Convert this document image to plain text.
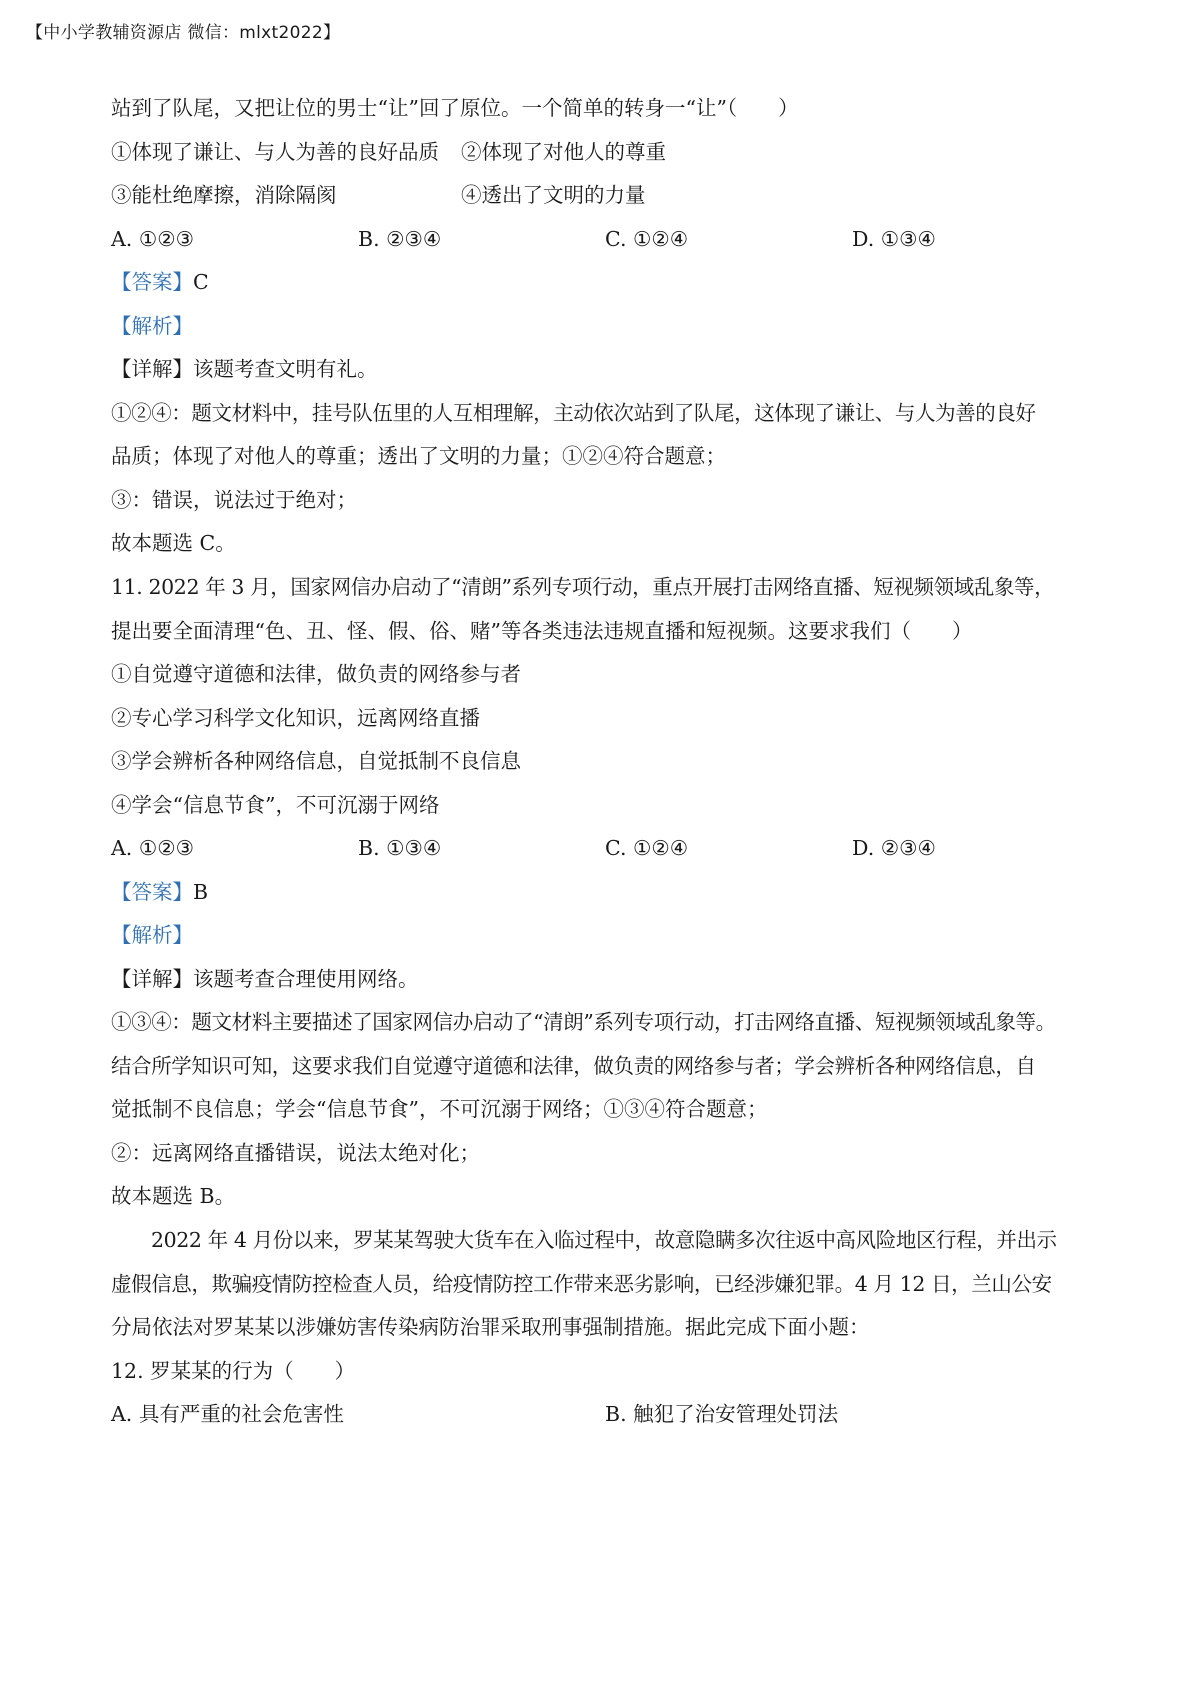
【中小学教辅资源店 微信：mlxt2022】
站到了队尾，又把让位的男士“让”回了原位。一个简单的转身一“让”（　　）
①体现了谦让、与人为善的良好品质 ②体现了对他人的尊重
③能杜绝摩擦，消除隔阂	④透出了文明的力量
A. ①②③	B. ②③④	C. ①②④	D. ①③④
【答案】C
【解析】
【详解】该题考查文明有礼。
①②④：题文材料中，挂号队伍里的人互相理解，主动依次站到了队尾，这体现了谦让、与人为善的良好
品质；体现了对他人的尊重；透出了文明的力量；①②④符合题意；
③：错误，说法过于绝对；
故本题选 C。
11. 2022 年 3 月，国家网信办启动了“清朗”系列专项行动，重点开展打击网络直播、短视频领域乱象等，
提出要全面清理“色、丑、怪、假、俗、赌”等各类违法违规直播和短视频。这要求我们（　　）
①自觉遵守道德和法律，做负责的网络参与者
②专心学习科学文化知识，远离网络直播
③学会辨析各种网络信息，自觉抵制不良信息
④学会“信息节食”，不可沉溺于网络
A. ①②③	B. ①③④	C. ①②④	D. ②③④
【答案】B
【解析】
【详解】该题考查合理使用网络。
①③④：题文材料主要描述了国家网信办启动了“清朗”系列专项行动，打击网络直播、短视频领域乱象等。
结合所学知识可知，这要求我们自觉遵守道德和法律，做负责的网络参与者；学会辨析各种网络信息，自
觉抵制不良信息；学会“信息节食”，不可沉溺于网络；①③④符合题意；
②：远离网络直播错误，说法太绝对化；
故本题选 B。
2022 年 4 月份以来，罗某某驾驶大货车在入临过程中，故意隐瞒多次往返中高风险地区行程，并出示
虚假信息，欺骗疫情防控检查人员，给疫情防控工作带来恶劣影响，已经涉嫌犯罪。4 月 12 日，兰山公安
分局依法对罗某某以涉嫌妨害传染病防治罪采取刑事强制措施。据此完成下面小题：
12. 罗某某的行为（　　）
A. 具有严重的社会危害性	B. 触犯了治安管理处罚法
